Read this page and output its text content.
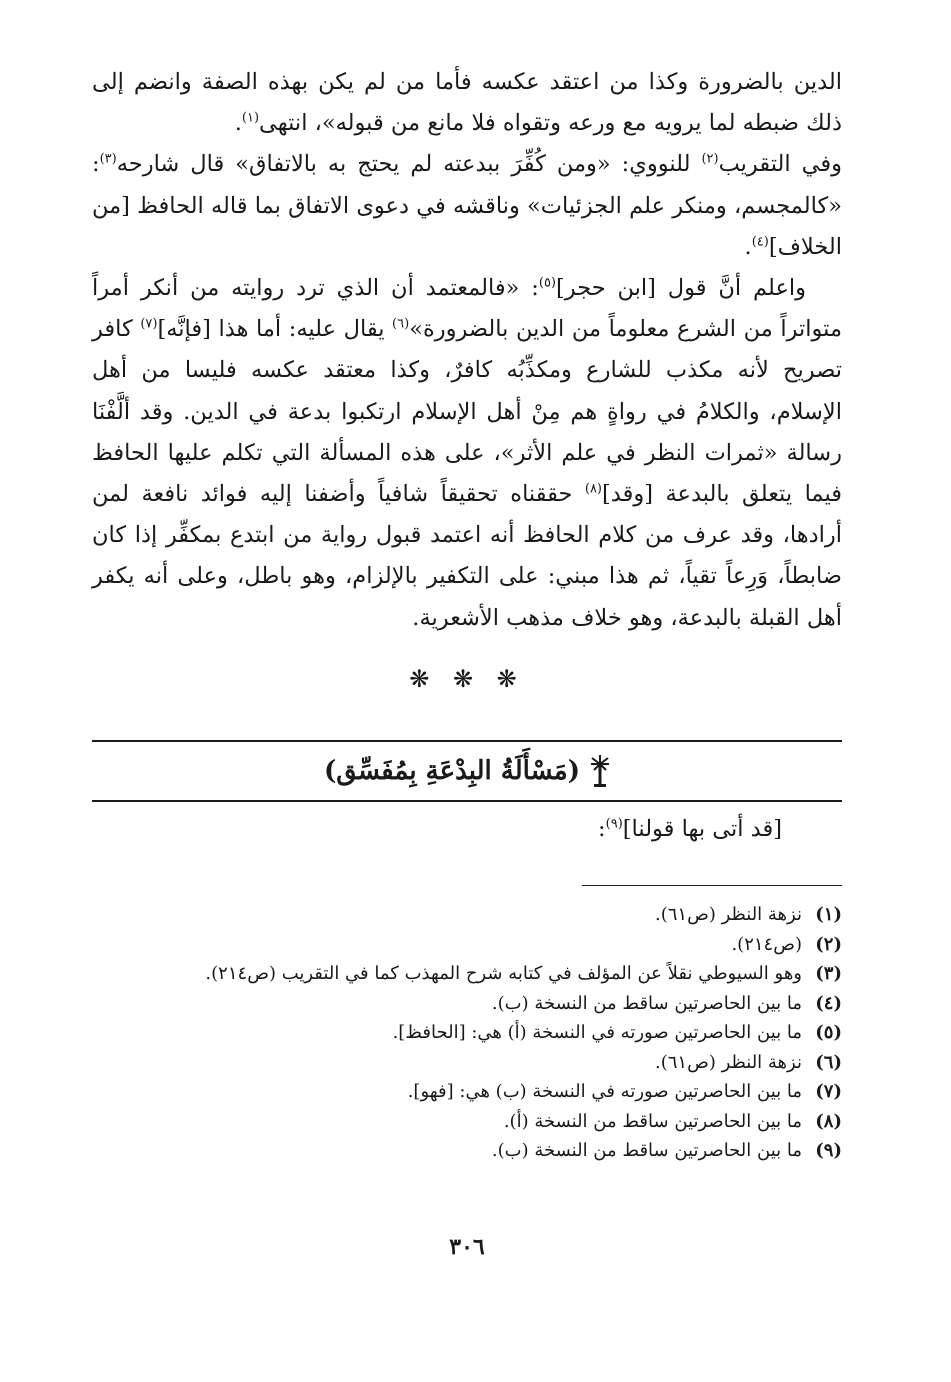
الدين بالضرورة وكذا من اعتقد عكسه فأما من لم يكن بهذه الصفة وانضم إلى ذلك ضبطه لما يرويه مع ورعه وتقواه فلا مانع من قبوله»، انتهى$^{(١)}$.

وفي التقريب$^{(٢)}$ للنووي: «ومن كُفِّرَ ببدعته لم يحتج به بالاتفاق» قال شارحه$^{(٣)}$: «كالمجسم، ومنكر علم الجزئيات» وناقشه في دعوى الاتفاق بما قاله الحافظ [من الخلاف]$^{(٤)}$.

واعلم أنَّ قول [ابن حجر]$^{(٥)}$: «فالمعتمد أن الذي ترد روايته من أنكر أمراً متواتراً من الشرع معلوماً من الدين بالضرورة»$^{(٦)}$ يقال عليه: أما هذا [فإنَّه]$^{(٧)}$ كافر تصريح لأنه مكذب للشارع ومكذِّبُه كافرٌ، وكذا معتقد عكسه فليسا من أهل الإسلام، والكلامُ في رواةٍ هم مِنْ أهل الإسلام ارتكبوا بدعة في الدين. وقد ألَّفْنَا رسالة «ثمرات النظر في علم الأثر»، على هذه المسألة التي تكلم عليها الحافظ فيما يتعلق بالبدعة [وقد]$^{(٨)}$ حققناه تحقيقاً شافياً وأضفنا إليه فوائد نافعة لمن أرادها، وقد عرف من كلام الحافظ أنه اعتمد قبول رواية من ابتدع بمكفِّر إذا كان ضابطاً، وَرِعاً تقياً، ثم هذا مبني: على التكفير بالإلزام، وهو باطل، وعلى أنه يكفر أهل القبلة بالبدعة، وهو خلاف مذهب الأشعرية.

❋ ❋ ❋
(مَسْأَلَةُ البِدْعَةِ بِمُفَسِّق)
[قد أتى بها قولنا]$^{(٩)}$:
(١)
نزهة النظر (ص٦١).
(٢)
(ص٢١٤).
(٣)
وهو السيوطي نقلاً عن المؤلف في كتابه شرح المهذب كما في التقريب (ص٢١٤).
(٤)
ما بين الحاصرتين ساقط من النسخة (ب).
(٥)
ما بين الحاصرتين صورته في النسخة (أ) هي: [الحافظ].
(٦)
نزهة النظر (ص٦١).
(٧)
ما بين الحاصرتين صورته في النسخة (ب) هي: [فهو].
(٨)
ما بين الحاصرتين ساقط من النسخة (أ).
(٩)
ما بين الحاصرتين ساقط من النسخة (ب).
٣٠٦
